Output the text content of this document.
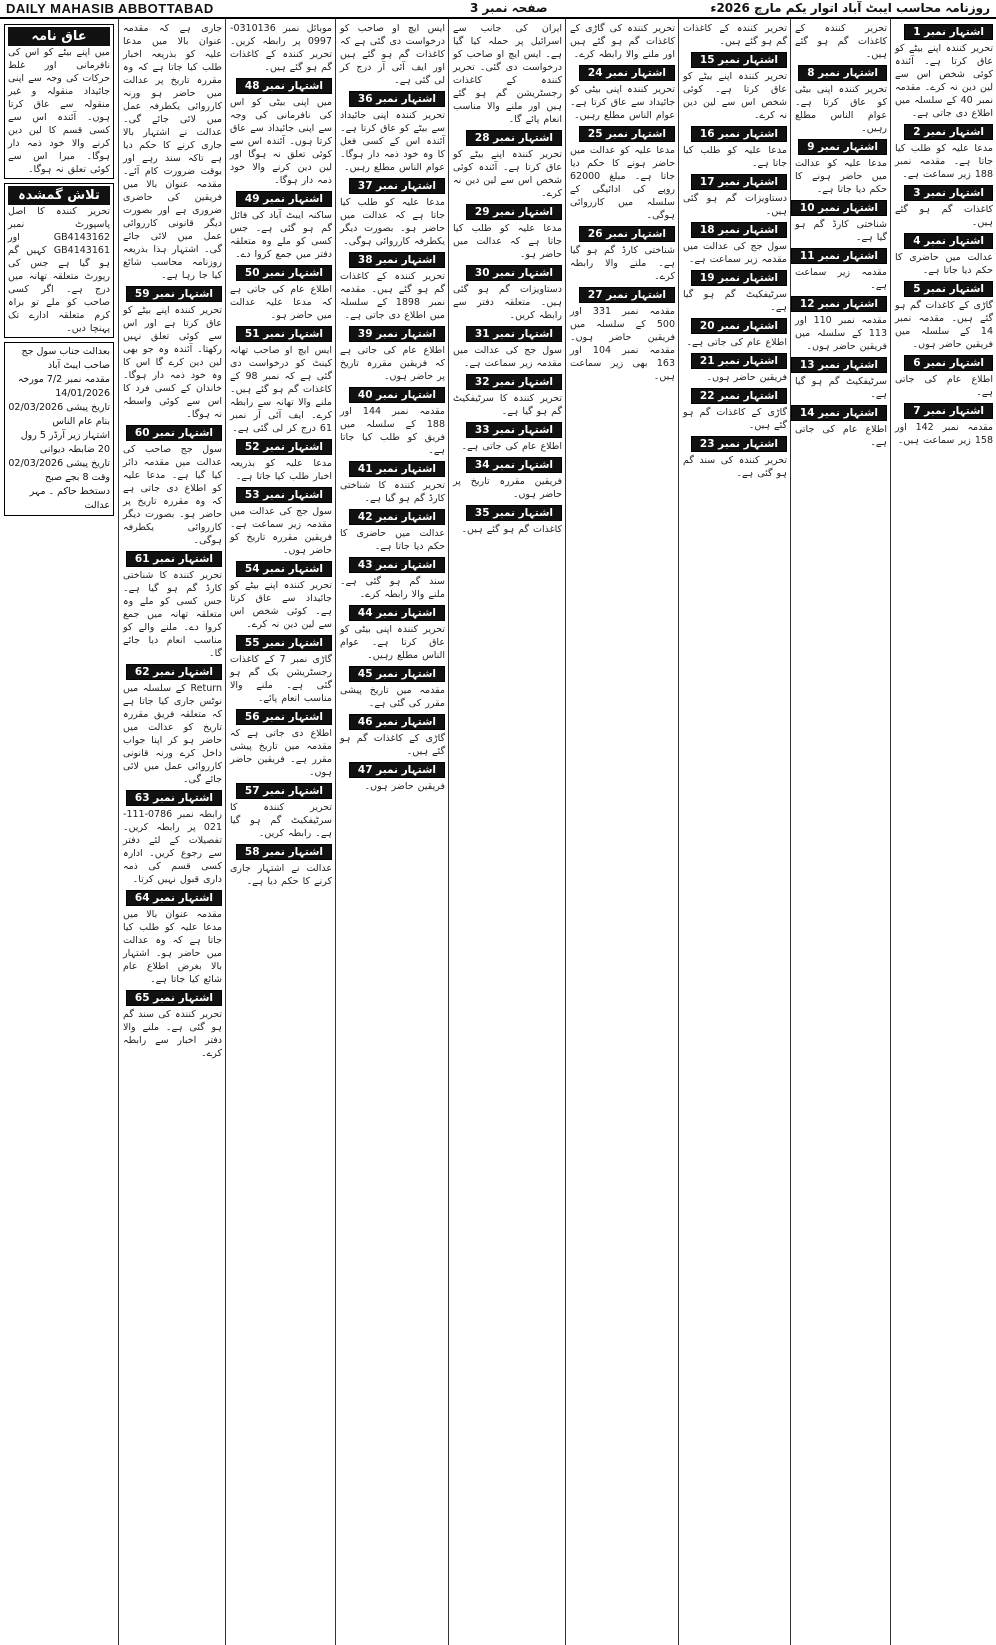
DAILY MAHASIB ABBOTTABAD	صفحہ نمبر 3	روزنامہ محاسب ایبٹ آباد اتوار یکم مارچ 2026ء
عاق نامہ
میں اپنے بیٹے کو اس کی نافرمانی اور غلط حرکات کی وجہ سے اپنی جائیداد منقولہ و غیر منقولہ سے عاق کرتا ہوں۔ آئندہ اس سے کسی قسم کا لین دین کرنے والا خود ذمہ دار ہوگا۔ میرا اس سے کوئی تعلق نہ ہوگا۔
تلاش گمشدہ
تحریر کنندہ کا اصل پاسپورٹ نمبر GB4143162 اور GB4143161 کہیں گم ہو گیا ہے جس کی رپورٹ متعلقہ تھانہ میں درج ہے۔ اگر کسی صاحب کو ملے تو براہ کرم متعلقہ ادارے تک پہنچا دیں۔
بعدالت جناب سول جج صاحب ایبٹ آباد
مقدمہ نمبر 7/2 مورخہ 14/01/2026
تاریخ پیشی 02/03/2026
بنام عام الناس
اشتہار زیر آرڈر 5 رول 20 ضابطہ دیوانی
تاریخ پیشی 02/03/2026 وقت 8 بجے صبح
دستخط حاکم ۔ مہر عدالت
جاری ہے کہ مقدمہ عنوان بالا میں مدعا علیہ کو بذریعہ اخبار طلب کیا جاتا ہے کہ وہ مقررہ تاریخ پر عدالت میں حاضر ہو ورنہ کارروائی یکطرفہ عمل میں لائی جائے گی۔ عدالت نے اشتہار بالا جاری کرنے کا حکم دیا ہے تاکہ سند رہے اور بوقت ضرورت کام آئے۔ مقدمہ عنوان بالا میں فریقین کی حاضری ضروری ہے اور بصورت دیگر قانونی کارروائی عمل میں لائی جائے گی۔ اشتہار ہذا بذریعہ روزنامہ محاسب شائع کیا جا رہا ہے۔
اشتہار نمبر 59
تحریر کنندہ اپنے بیٹے کو عاق کرتا ہے اور اس سے کوئی تعلق نہیں رکھتا۔ آئندہ وہ جو بھی لین دین کرے گا اس کا وہ خود ذمہ دار ہوگا۔ خاندان کے کسی فرد کا اس سے کوئی واسطہ نہ ہوگا۔
اشتہار نمبر 60
سول جج صاحب کی عدالت میں مقدمہ دائر کیا گیا ہے۔ مدعا علیہ کو اطلاع دی جاتی ہے کہ وہ مقررہ تاریخ پر حاضر ہو۔ بصورت دیگر کارروائی یکطرفہ ہوگی۔
اشتہار نمبر 61
تحریر کنندہ کا شناختی کارڈ گم ہو گیا ہے۔ جس کسی کو ملے وہ متعلقہ تھانہ میں جمع کروا دے۔ ملنے والے کو مناسب انعام دیا جائے گا۔
اشتہار نمبر 62
Return کے سلسلہ میں نوٹس جاری کیا جاتا ہے کہ متعلقہ فریق مقررہ تاریخ کو عدالت میں حاضر ہو کر اپنا جواب داخل کرے ورنہ قانونی کارروائی عمل میں لائی جائے گی۔
اشتہار نمبر 63
رابطہ نمبر 0786-111-021 پر رابطہ کریں۔ تفصیلات کے لئے دفتر سے رجوع کریں۔ ادارہ کسی قسم کی ذمہ داری قبول نہیں کرتا۔
اشتہار نمبر 64
مقدمہ عنوان بالا میں مدعا علیہ کو طلب کیا جاتا ہے کہ وہ عدالت میں حاضر ہو۔ اشتہار بالا بغرض اطلاع عام شائع کیا جاتا ہے۔
اشتہار نمبر 65
تحریر کنندہ کی سند گم ہو گئی ہے۔ ملنے والا دفتر اخبار سے رابطہ کرے۔
موبائل نمبر 0310136-0997 پر رابطہ کریں۔ تحریر کنندہ کے کاغذات گم ہو گئے ہیں۔
اشتہار نمبر 48
میں اپنی بیٹی کو اس کی نافرمانی کی وجہ سے اپنی جائیداد سے عاق کرتا ہوں۔ آئندہ اس سے کوئی تعلق نہ ہوگا اور لین دین کرنے والا خود ذمہ دار ہوگا۔
اشتہار نمبر 49
ساکنہ ایبٹ آباد کی فائل گم ہو گئی ہے۔ جس کسی کو ملے وہ متعلقہ دفتر میں جمع کروا دے۔
اشتہار نمبر 50
اطلاع عام کی جاتی ہے کہ مدعا علیہ عدالت میں حاضر ہو۔
اشتہار نمبر 51
ایس ایچ او صاحب تھانہ کینٹ کو درخواست دی گئی ہے کہ نمبر 98 کے کاغذات گم ہو گئے ہیں۔ ملنے والا تھانہ سے رابطہ کرے۔ ایف آئی آر نمبر 61 درج کر لی گئی ہے۔
اشتہار نمبر 52
مدعا علیہ کو بذریعہ اخبار طلب کیا جاتا ہے۔
اشتہار نمبر 53
سول جج کی عدالت میں مقدمہ زیر سماعت ہے۔ فریقین مقررہ تاریخ کو حاضر ہوں۔
اشتہار نمبر 54
تحریر کنندہ اپنے بیٹے کو جائیداد سے عاق کرتا ہے۔ کوئی شخص اس سے لین دین نہ کرے۔
اشتہار نمبر 55
گاڑی نمبر 7 کے کاغذات رجسٹریشن بک گم ہو گئی ہے۔ ملنے والا مناسب انعام پائے۔
اشتہار نمبر 56
اطلاع دی جاتی ہے کہ مقدمہ میں تاریخ پیشی مقرر ہے۔ فریقین حاضر ہوں۔
اشتہار نمبر 57
تحریر کنندہ کا سرٹیفکیٹ گم ہو گیا ہے۔ رابطہ کریں۔
اشتہار نمبر 58
عدالت نے اشتہار جاری کرنے کا حکم دیا ہے۔
ایس ایچ او صاحب کو درخواست دی گئی ہے کہ کاغذات گم ہو گئے ہیں اور ایف آئی آر درج کر لی گئی ہے۔
اشتہار نمبر 36
تحریر کنندہ اپنی جائیداد سے بیٹے کو عاق کرتا ہے۔ آئندہ اس کے کسی فعل کا وہ خود ذمہ دار ہوگا۔ عوام الناس مطلع رہیں۔
اشتہار نمبر 37
مدعا علیہ کو طلب کیا جاتا ہے کہ عدالت میں حاضر ہو۔ بصورت دیگر یکطرفہ کارروائی ہوگی۔
اشتہار نمبر 38
تحریر کنندہ کے کاغذات گم ہو گئے ہیں۔ مقدمہ نمبر 1898 کے سلسلہ میں اطلاع دی جاتی ہے۔
اشتہار نمبر 39
اطلاع عام کی جاتی ہے کہ فریقین مقررہ تاریخ پر حاضر ہوں۔
اشتہار نمبر 40
مقدمہ نمبر 144 اور 188 کے سلسلہ میں فریق کو طلب کیا جاتا ہے۔
اشتہار نمبر 41
تحریر کنندہ کا شناختی کارڈ گم ہو گیا ہے۔
اشتہار نمبر 42
عدالت میں حاضری کا حکم دیا جاتا ہے۔
اشتہار نمبر 43
سند گم ہو گئی ہے۔ ملنے والا رابطہ کرے۔
اشتہار نمبر 44
تحریر کنندہ اپنی بیٹی کو عاق کرتا ہے۔ عوام الناس مطلع رہیں۔
اشتہار نمبر 45
مقدمہ میں تاریخ پیشی مقرر کی گئی ہے۔
اشتہار نمبر 46
گاڑی کے کاغذات گم ہو گئے ہیں۔
اشتہار نمبر 47
فریقین حاضر ہوں۔
ایران کی جانب سے اسرائیل پر حملہ کیا گیا ہے۔ ایس ایچ او صاحب کو درخواست دی گئی۔ تحریر کنندہ کے کاغذات رجسٹریشن گم ہو گئے ہیں اور ملنے والا مناسب انعام پائے گا۔
اشتہار نمبر 28
تحریر کنندہ اپنے بیٹے کو عاق کرتا ہے۔ آئندہ کوئی شخص اس سے لین دین نہ کرے۔
اشتہار نمبر 29
مدعا علیہ کو طلب کیا جاتا ہے کہ عدالت میں حاضر ہو۔
اشتہار نمبر 30
دستاویزات گم ہو گئی ہیں۔ متعلقہ دفتر سے رابطہ کریں۔
اشتہار نمبر 31
سول جج کی عدالت میں مقدمہ زیر سماعت ہے۔
اشتہار نمبر 32
تحریر کنندہ کا سرٹیفکیٹ گم ہو گیا ہے۔
اشتہار نمبر 33
اطلاع عام کی جاتی ہے۔
اشتہار نمبر 34
فریقین مقررہ تاریخ پر حاضر ہوں۔
اشتہار نمبر 35
کاغذات گم ہو گئے ہیں۔
تحریر کنندہ کی گاڑی کے کاغذات گم ہو گئے ہیں اور ملنے والا رابطہ کرے۔
اشتہار نمبر 24
تحریر کنندہ اپنی بیٹی کو جائیداد سے عاق کرتا ہے۔ عوام الناس مطلع رہیں۔
اشتہار نمبر 25
مدعا علیہ کو عدالت میں حاضر ہونے کا حکم دیا جاتا ہے۔ مبلغ 62000 روپے کی ادائیگی کے سلسلہ میں کارروائی ہوگی۔
اشتہار نمبر 26
شناختی کارڈ گم ہو گیا ہے۔ ملنے والا رابطہ کرے۔
اشتہار نمبر 27
مقدمہ نمبر 331 اور 500 کے سلسلہ میں فریقین حاضر ہوں۔ مقدمہ نمبر 104 اور 163 بھی زیر سماعت ہیں۔
تحریر کنندہ کے کاغذات گم ہو گئے ہیں۔
اشتہار نمبر 15
تحریر کنندہ اپنے بیٹے کو عاق کرتا ہے۔ کوئی شخص اس سے لین دین نہ کرے۔
اشتہار نمبر 16
مدعا علیہ کو طلب کیا جاتا ہے۔
اشتہار نمبر 17
دستاویزات گم ہو گئی ہیں۔
اشتہار نمبر 18
سول جج کی عدالت میں مقدمہ زیر سماعت ہے۔
اشتہار نمبر 19
سرٹیفکیٹ گم ہو گیا ہے۔
اشتہار نمبر 20
اطلاع عام کی جاتی ہے۔
اشتہار نمبر 21
فریقین حاضر ہوں۔
اشتہار نمبر 22
گاڑی کے کاغذات گم ہو گئے ہیں۔
اشتہار نمبر 23
تحریر کنندہ کی سند گم ہو گئی ہے۔
تحریر کنندہ کے کاغذات گم ہو گئے ہیں۔
اشتہار نمبر 8
تحریر کنندہ اپنی بیٹی کو عاق کرتا ہے۔ عوام الناس مطلع رہیں۔
اشتہار نمبر 9
مدعا علیہ کو عدالت میں حاضر ہونے کا حکم دیا جاتا ہے۔
اشتہار نمبر 10
شناختی کارڈ گم ہو گیا ہے۔
اشتہار نمبر 11
مقدمہ زیر سماعت ہے۔
اشتہار نمبر 12
مقدمہ نمبر 110 اور 113 کے سلسلہ میں فریقین حاضر ہوں۔
اشتہار نمبر 13
سرٹیفکیٹ گم ہو گیا ہے۔
اشتہار نمبر 14
اطلاع عام کی جاتی ہے۔
اشتہار نمبر 1
تحریر کنندہ اپنے بیٹے کو عاق کرتا ہے۔ آئندہ کوئی شخص اس سے لین دین نہ کرے۔ مقدمہ نمبر 40 کے سلسلہ میں اطلاع دی جاتی ہے۔
اشتہار نمبر 2
مدعا علیہ کو طلب کیا جاتا ہے۔ مقدمہ نمبر 188 زیر سماعت ہے۔
اشتہار نمبر 3
کاغذات گم ہو گئے ہیں۔
اشتہار نمبر 4
عدالت میں حاضری کا حکم دیا جاتا ہے۔
اشتہار نمبر 5
گاڑی کے کاغذات گم ہو گئے ہیں۔ مقدمہ نمبر 14 کے سلسلہ میں فریقین حاضر ہوں۔
اشتہار نمبر 6
اطلاع عام کی جاتی ہے۔
اشتہار نمبر 7
مقدمہ نمبر 142 اور 158 زیر سماعت ہیں۔
